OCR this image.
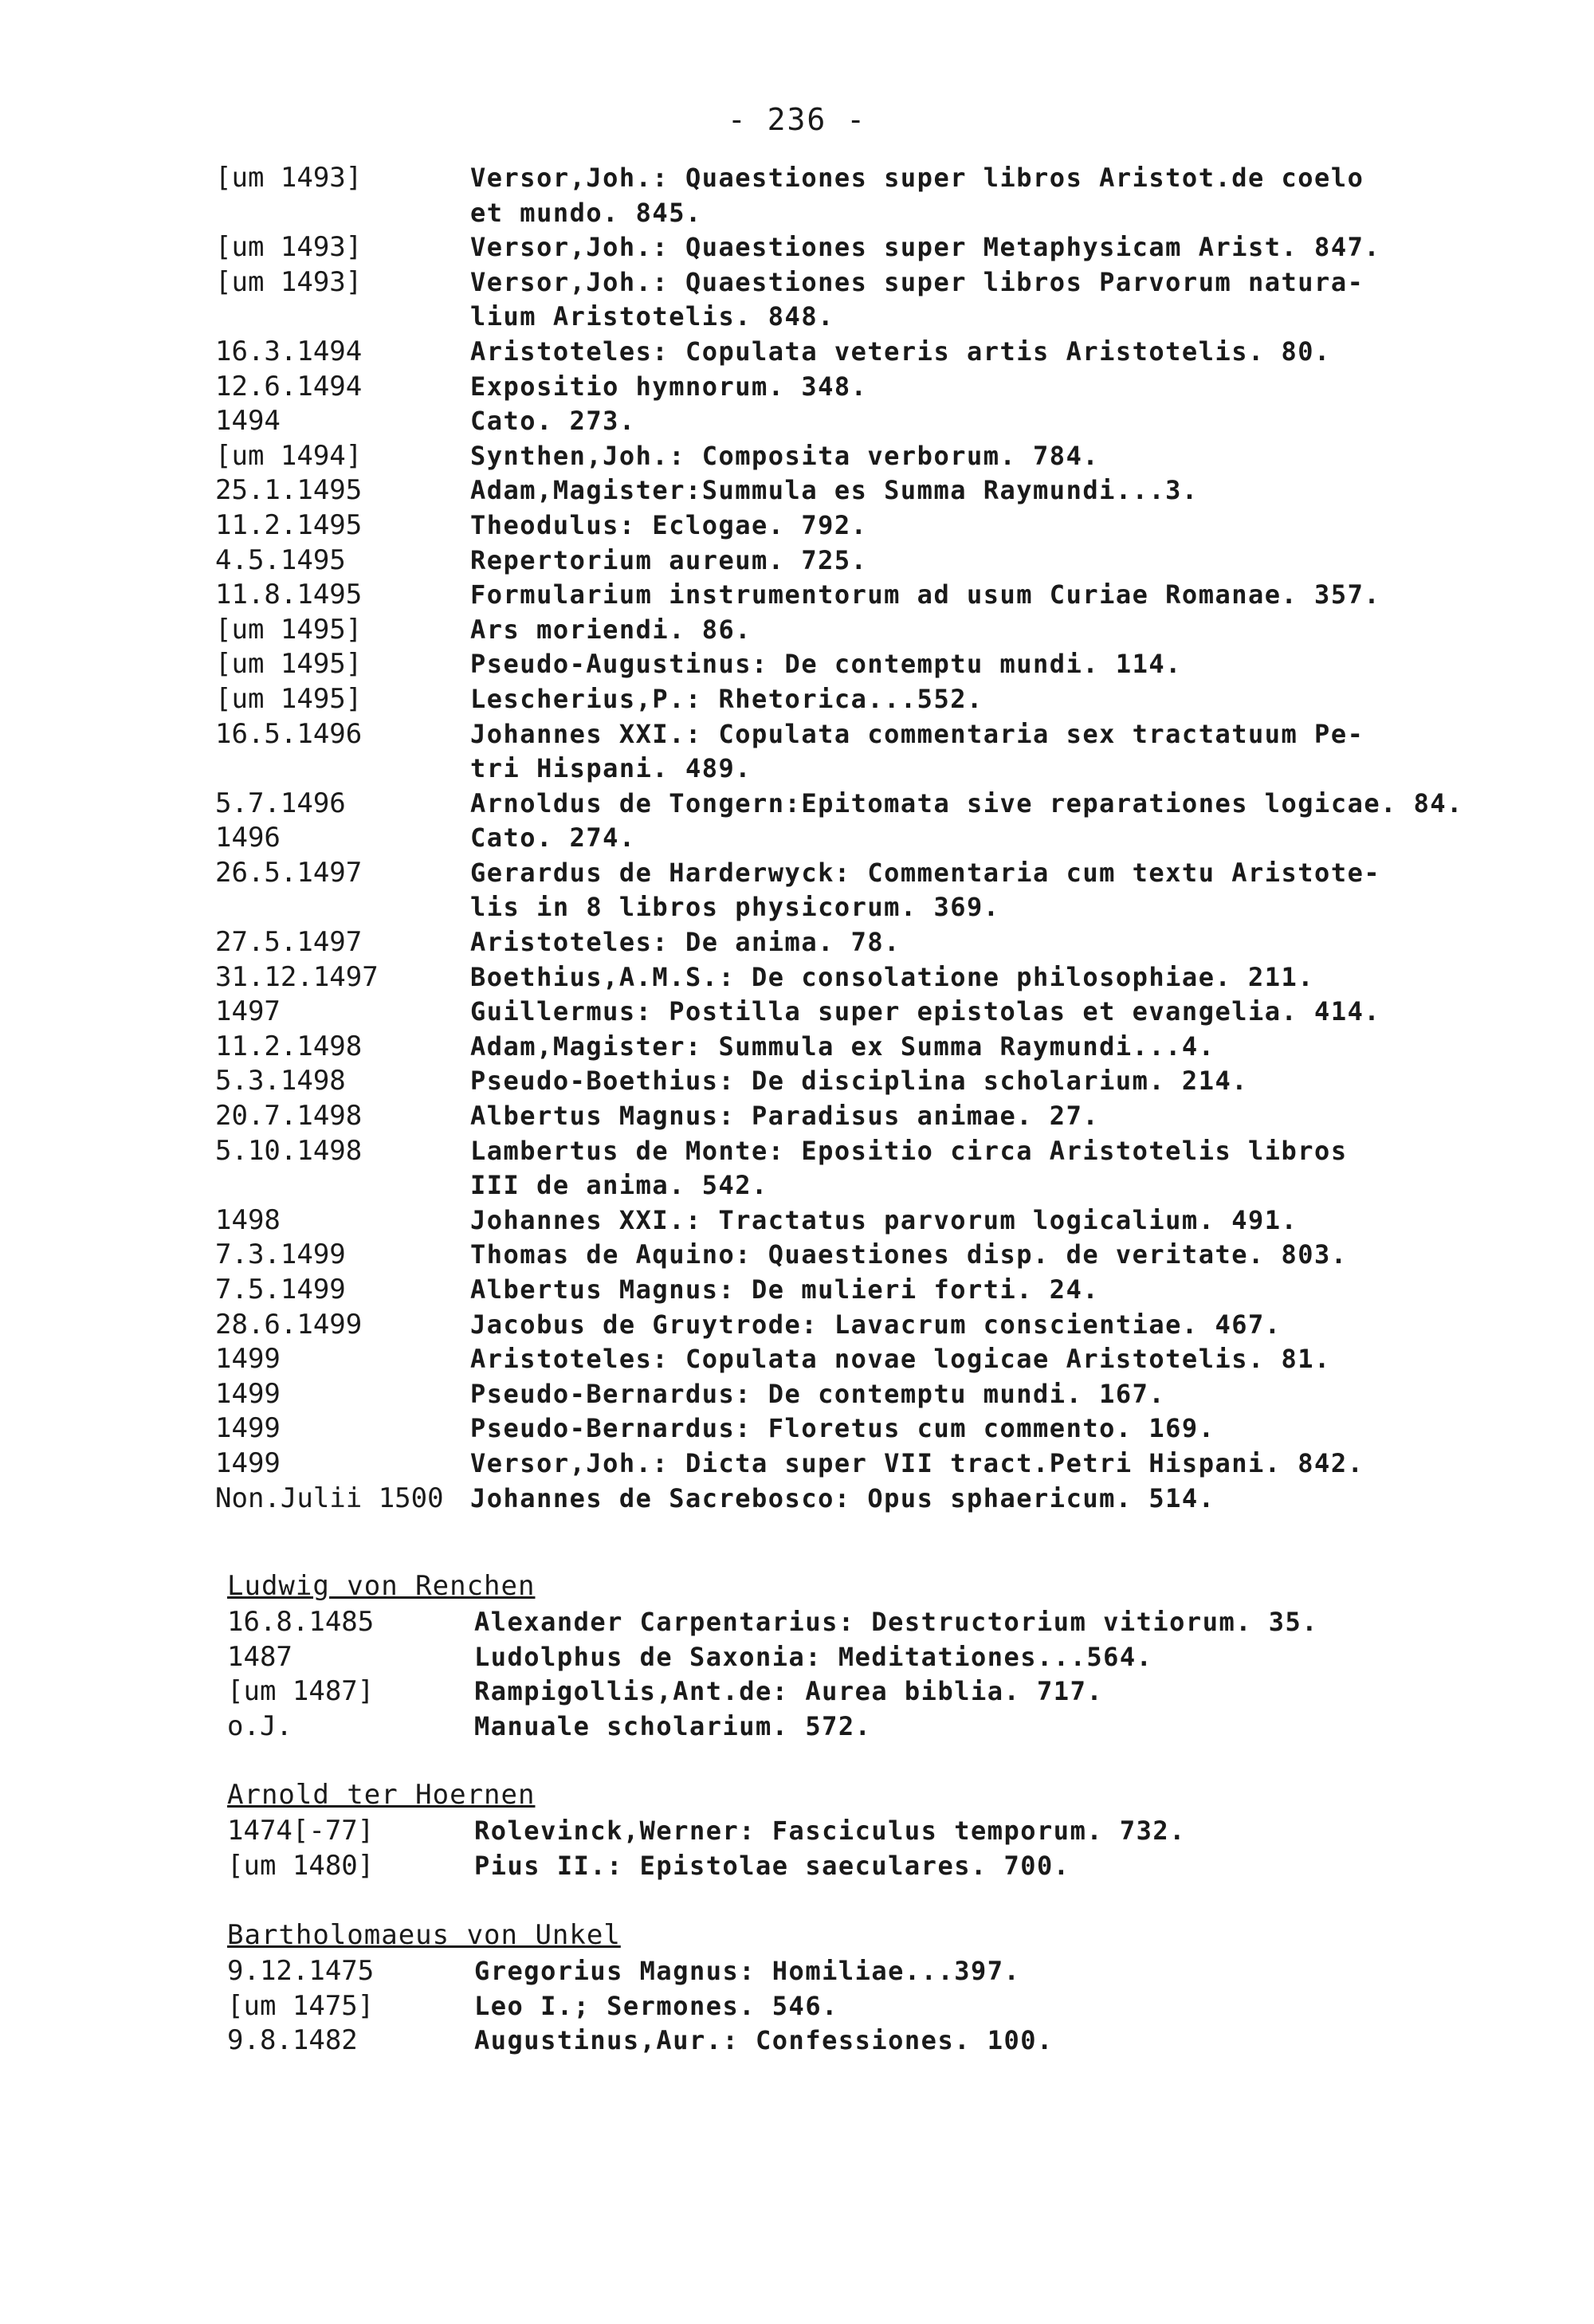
- 236 -
[um 1493]	Versor,Joh.: Quaestiones super libros Aristot.de coelo
et mundo. 845.
[um 1493]	Versor,Joh.: Quaestiones super Metaphysicam Arist. 847.
[um 1493]	Versor,Joh.: Quaestiones super libros Parvorum natura-
lium Aristotelis. 848.
16.3.1494	Aristoteles: Copulata veteris artis Aristotelis. 80.
12.6.1494	Expositio hymnorum. 348.
1494	Cato. 273.
[um 1494]	Synthen,Joh.: Composita verborum. 784.
25.1.1495	Adam,Magister:Summula es Summa Raymundi...3.
11.2.1495	Theodulus: Eclogae. 792.
4.5.1495	Repertorium aureum. 725.
11.8.1495	Formularium instrumentorum ad usum Curiae Romanae. 357.
[um 1495]	Ars moriendi. 86.
[um 1495]	Pseudo-Augustinus: De contemptu mundi. 114.
[um 1495]	Lescherius,P.: Rhetorica...552.
16.5.1496	Johannes XXI.: Copulata commentaria sex tractatuum Pe-
tri Hispani. 489.
5.7.1496	Arnoldus de Tongern:Epitomata sive reparationes logicae. 84.
1496	Cato. 274.
26.5.1497	Gerardus de Harderwyck: Commentaria cum textu Aristote-
lis in 8 libros physicorum. 369.
27.5.1497	Aristoteles: De anima. 78.
31.12.1497	Boethius,A.M.S.: De consolatione philosophiae. 211.
1497	Guillermus: Postilla super epistolas et evangelia. 414.
11.2.1498	Adam,Magister: Summula ex Summa Raymundi...4.
5.3.1498	Pseudo-Boethius: De disciplina scholarium. 214.
20.7.1498	Albertus Magnus: Paradisus animae. 27.
5.10.1498	Lambertus de Monte: Epositio circa Aristotelis libros
III de anima. 542.
1498	Johannes XXI.: Tractatus parvorum logicalium. 491.
7.3.1499	Thomas de Aquino: Quaestiones disp. de veritate. 803.
7.5.1499	Albertus Magnus: De mulieri forti. 24.
28.6.1499	Jacobus de Gruytrode: Lavacrum conscientiae. 467.
1499	Aristoteles: Copulata novae logicae Aristotelis. 81.
1499	Pseudo-Bernardus: De contemptu mundi. 167.
1499	Pseudo-Bernardus: Floretus cum commento. 169.
1499	Versor,Joh.: Dicta super VII tract.Petri Hispani. 842.
Non.Julii 1500	Johannes de Sacrebosco: Opus sphaericum. 514.
Ludwig von Renchen
16.8.1485	Alexander Carpentarius: Destructorium vitiorum. 35.
1487	Ludolphus de Saxonia: Meditationes...564.
[um 1487]	Rampigollis,Ant.de: Aurea biblia. 717.
o.J.	Manuale scholarium. 572.
Arnold ter Hoernen
1474[-77]	Rolevinck,Werner: Fasciculus temporum. 732.
[um 1480]	Pius II.: Epistolae saeculares. 700.
Bartholomaeus von Unkel
9.12.1475	Gregorius Magnus: Homiliae...397.
[um 1475]	Leo I.; Sermones. 546.
9.8.1482	Augustinus,Aur.: Confessiones. 100.
